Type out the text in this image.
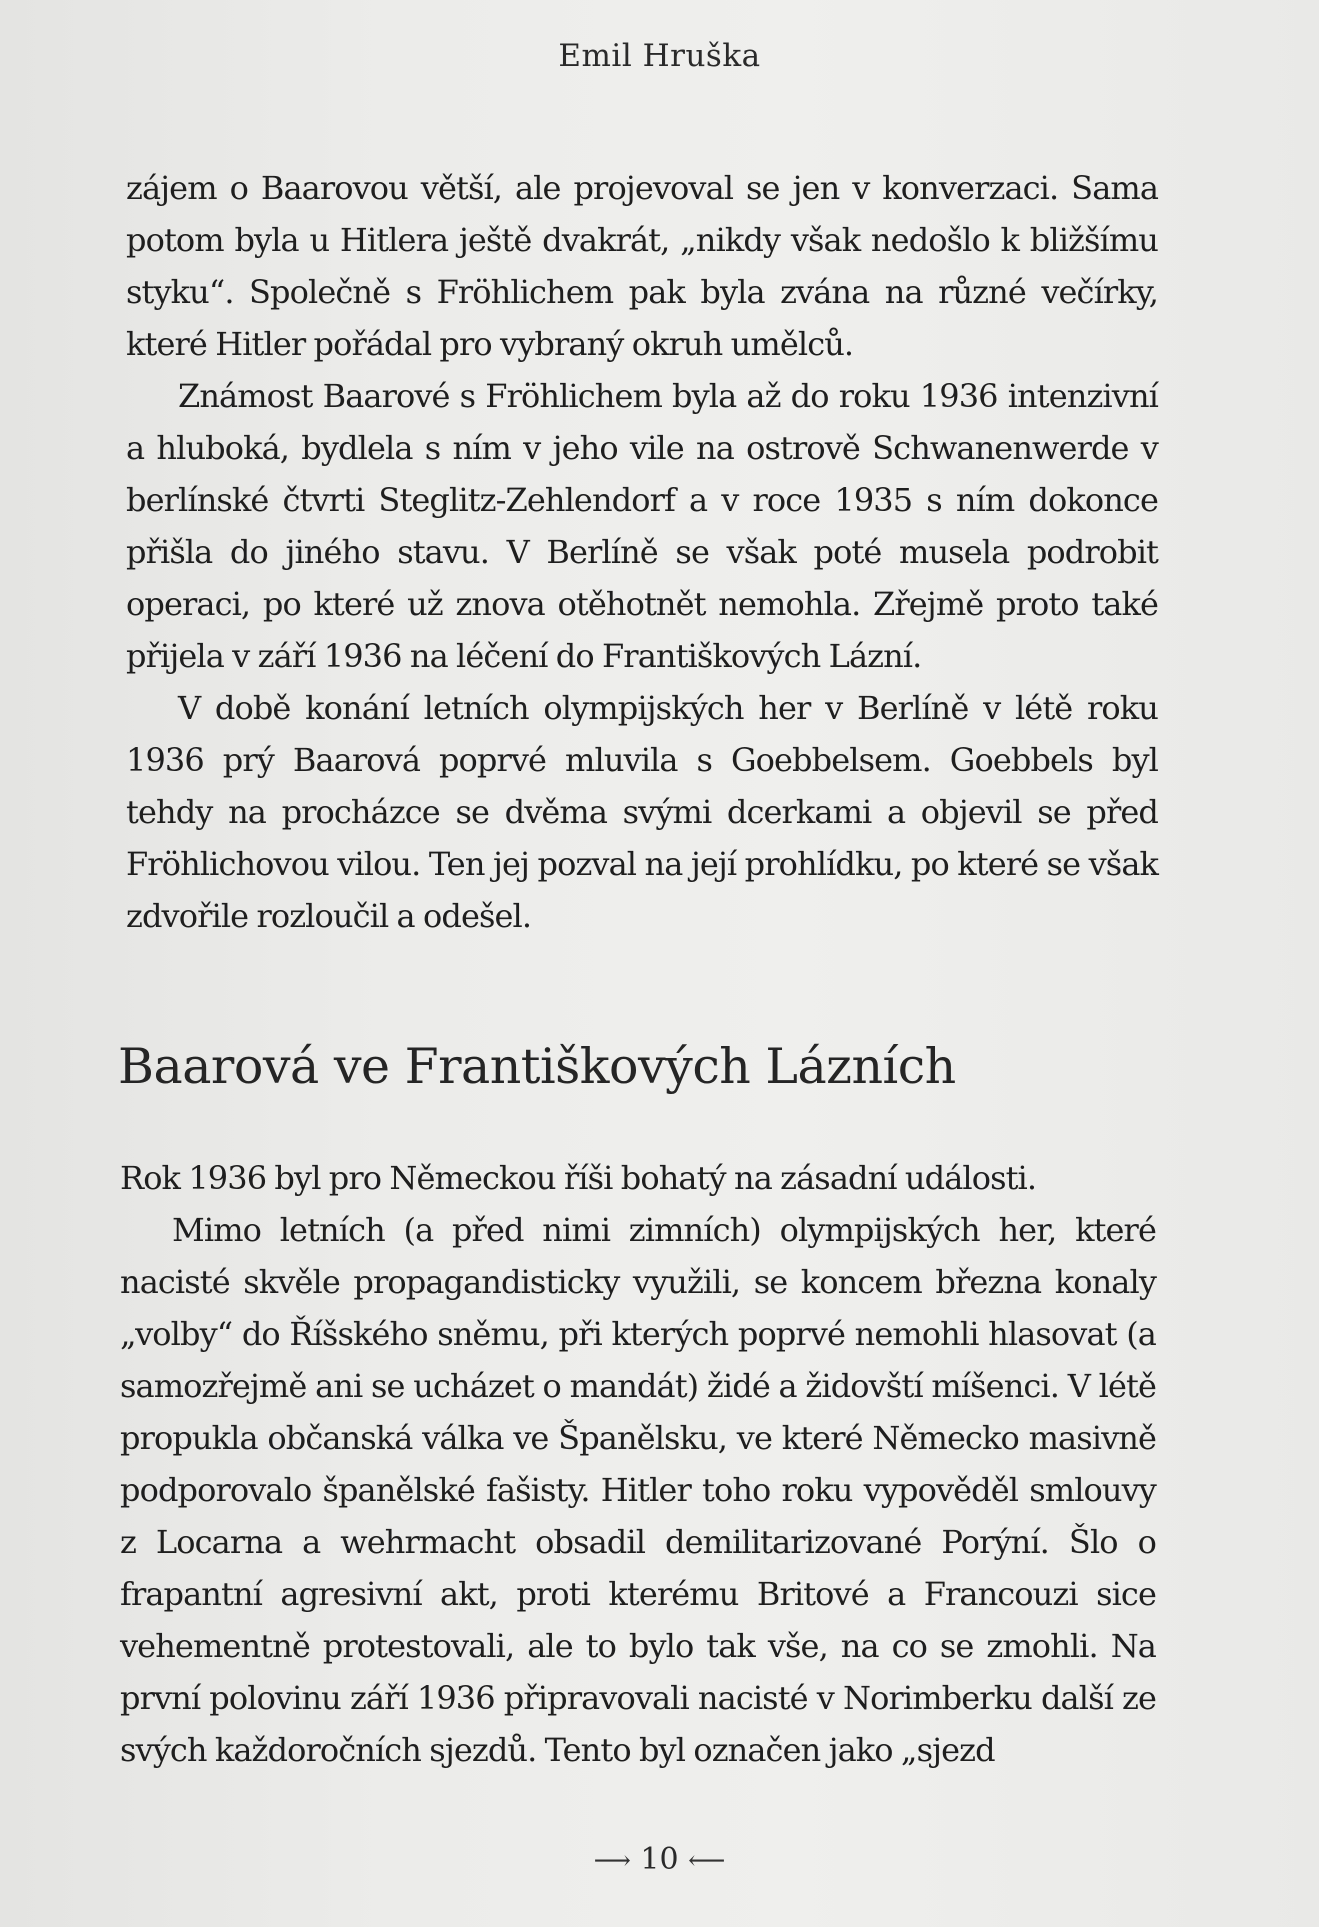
Emil Hruška

zájem o Baarovou větší, ale projevoval se jen v konverzaci. Sama potom byla u Hitlera ještě dvakrát, „nikdy však nedošlo k bližšímu styku“. Společně s Fröhlichem pak byla zvána na různé večírky, které Hitler pořádal pro vybraný okruh umělců.

Známost Baarové s Fröhlichem byla až do roku 1936 intenzivní a hluboká, bydlela s ním v jeho vile na ostrově Schwanenwerde v berlínské čtvrti Steglitz-Zehlendorf a v roce 1935 s ním dokonce přišla do jiného stavu. V Berlíně se však poté musela podrobit operaci, po které už znova otěhotnět nemohla. Zřejmě proto také přijela v září 1936 na léčení do Františkových Lázní.

V době konání letních olympijských her v Berlíně v létě roku 1936 prý Baarová poprvé mluvila s Goebbelsem. Goebbels byl tehdy na procházce se dvěma svými dcerkami a objevil se před Fröhlichovou vilou. Ten jej pozval na její prohlídku, po které se však zdvořile rozloučil a odešel.

Baarová ve Františkových Lázních

Rok 1936 byl pro Německou říši bohatý na zásadní události.

Mimo letních (a před nimi zimních) olympijských her, které nacisté skvěle propagandisticky využili, se koncem března konaly „volby“ do Říšského sněmu, při kterých poprvé nemohli hlasovat (a samozřejmě ani se ucházet o mandát) židé a židovští míšenci. V létě propukla občanská válka ve Španělsku, ve které Německo masivně podporovalo španělské fašisty. Hitler toho roku vypověděl smlouvy z Locarna a wehrmacht obsadil demilitarizované Porýní. Šlo o frapantní agresivní akt, proti kterému Britové a Francouzi sice vehementně protestovali, ale to bylo tak vše, na co se zmohli. Na první polovinu září 1936 připravovali nacisté v Norimberku další ze svých každoročních sjezdů. Tento byl označen jako „sjezd

⟶ 10 ⟵
